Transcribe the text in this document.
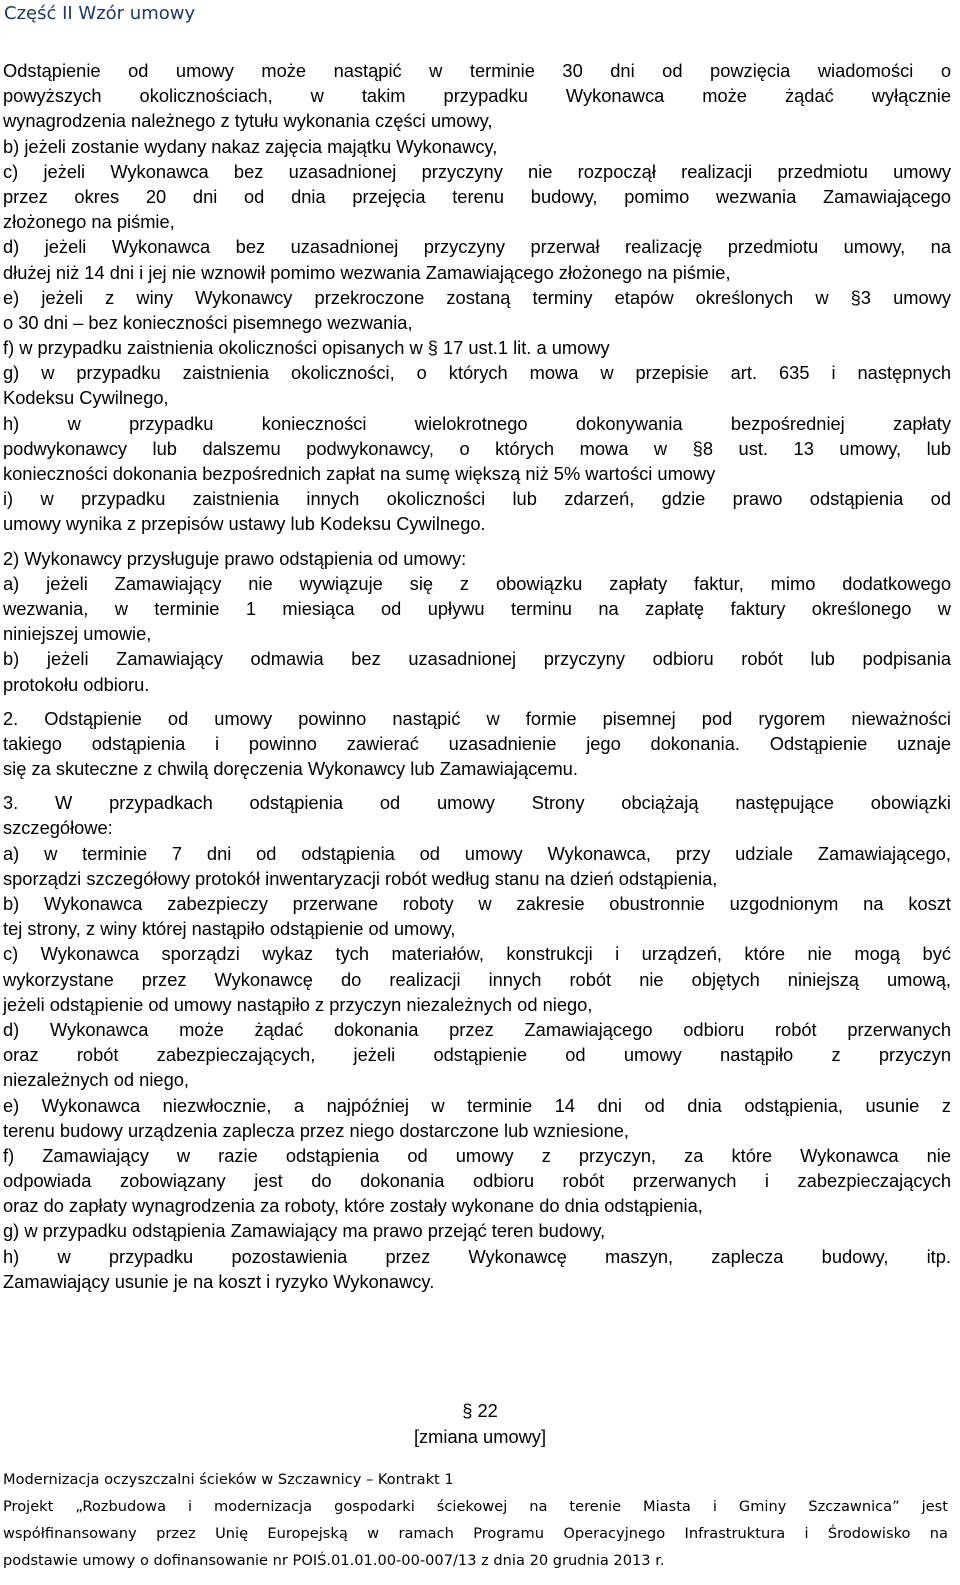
Część II Wzór umowy
Odstąpienie od umowy może nastąpić w terminie 30 dni od powzięcia wiadomości o
powyższych okolicznościach, w takim przypadku Wykonawca może żądać wyłącznie
wynagrodzenia należnego z tytułu wykonania części umowy,
b) jeżeli zostanie wydany nakaz zajęcia majątku Wykonawcy,
c) jeżeli Wykonawca bez uzasadnionej przyczyny nie rozpoczął realizacji przedmiotu umowy
przez okres 20 dni od dnia przejęcia terenu budowy, pomimo wezwania Zamawiającego
złożonego na piśmie,
d) jeżeli Wykonawca bez uzasadnionej przyczyny przerwał realizację przedmiotu umowy, na
dłużej niż 14 dni i jej nie wznowił pomimo wezwania Zamawiającego złożonego na piśmie,
e) jeżeli z winy Wykonawcy przekroczone zostaną terminy etapów określonych w §3 umowy
o 30 dni – bez konieczności pisemnego wezwania,
f) w przypadku zaistnienia okoliczności opisanych w § 17 ust.1 lit. a umowy
g) w przypadku zaistnienia okoliczności, o których mowa w przepisie art. 635 i następnych
Kodeksu Cywilnego,
h) w przypadku konieczności wielokrotnego dokonywania bezpośredniej zapłaty
podwykonawcy lub dalszemu podwykonawcy, o których mowa w §8 ust. 13 umowy, lub
konieczności dokonania bezpośrednich zapłat na sumę większą niż 5% wartości umowy
i) w przypadku zaistnienia innych okoliczności lub zdarzeń, gdzie prawo odstąpienia od
umowy wynika z przepisów ustawy lub Kodeksu Cywilnego.
2) Wykonawcy przysługuje prawo odstąpienia od umowy:
a) jeżeli Zamawiający nie wywiązuje się z obowiązku zapłaty faktur, mimo dodatkowego
wezwania, w terminie 1 miesiąca od upływu terminu na zapłatę faktury określonego w
niniejszej umowie,
b) jeżeli Zamawiający odmawia bez uzasadnionej przyczyny odbioru robót lub podpisania
protokołu odbioru.
2. Odstąpienie od umowy powinno nastąpić w formie pisemnej pod rygorem nieważności
takiego odstąpienia i powinno zawierać uzasadnienie jego dokonania. Odstąpienie uznaje
się za skuteczne z chwilą doręczenia Wykonawcy lub Zamawiającemu.
3. W przypadkach odstąpienia od umowy Strony obciążają następujące obowiązki
szczegółowe:
a) w terminie 7 dni od odstąpienia od umowy Wykonawca, przy udziale Zamawiającego,
sporządzi szczegółowy protokół inwentaryzacji robót według stanu na dzień odstąpienia,
b) Wykonawca zabezpieczy przerwane roboty w zakresie obustronnie uzgodnionym na koszt
tej strony, z winy której nastąpiło odstąpienie od umowy,
c) Wykonawca sporządzi wykaz tych materiałów, konstrukcji i urządzeń, które nie mogą być
wykorzystane przez Wykonawcę do realizacji innych robót nie objętych niniejszą umową,
jeżeli odstąpienie od umowy nastąpiło z przyczyn niezależnych od niego,
d) Wykonawca może żądać dokonania przez Zamawiającego odbioru robót przerwanych
oraz robót zabezpieczających, jeżeli odstąpienie od umowy nastąpiło z przyczyn
niezależnych od niego,
e) Wykonawca niezwłocznie, a najpóźniej w terminie 14 dni od dnia odstąpienia, usunie z
terenu budowy urządzenia zaplecza przez niego dostarczone lub wzniesione,
f) Zamawiający w razie odstąpienia od umowy z przyczyn, za które Wykonawca nie
odpowiada zobowiązany jest do dokonania odbioru robót przerwanych i zabezpieczających
oraz do zapłaty wynagrodzenia za roboty, które zostały wykonane do dnia odstąpienia,
g) w przypadku odstąpienia Zamawiający ma prawo przejąć teren budowy,
h) w przypadku pozostawienia przez Wykonawcę maszyn, zaplecza budowy, itp.
Zamawiający usunie je na koszt i ryzyko Wykonawcy.
§ 22
[zmiana umowy]
Modernizacja oczyszczalni ścieków w Szczawnicy – Kontrakt 1
Projekt „Rozbudowa i modernizacja gospodarki ściekowej na terenie Miasta i Gminy Szczawnica” jest
współfinansowany przez Unię Europejską w ramach Programu Operacyjnego Infrastruktura i Środowisko na
podstawie umowy o dofinansowanie nr POIŚ.01.01.00-00-007/13 z dnia 20 grudnia 2013 r.
